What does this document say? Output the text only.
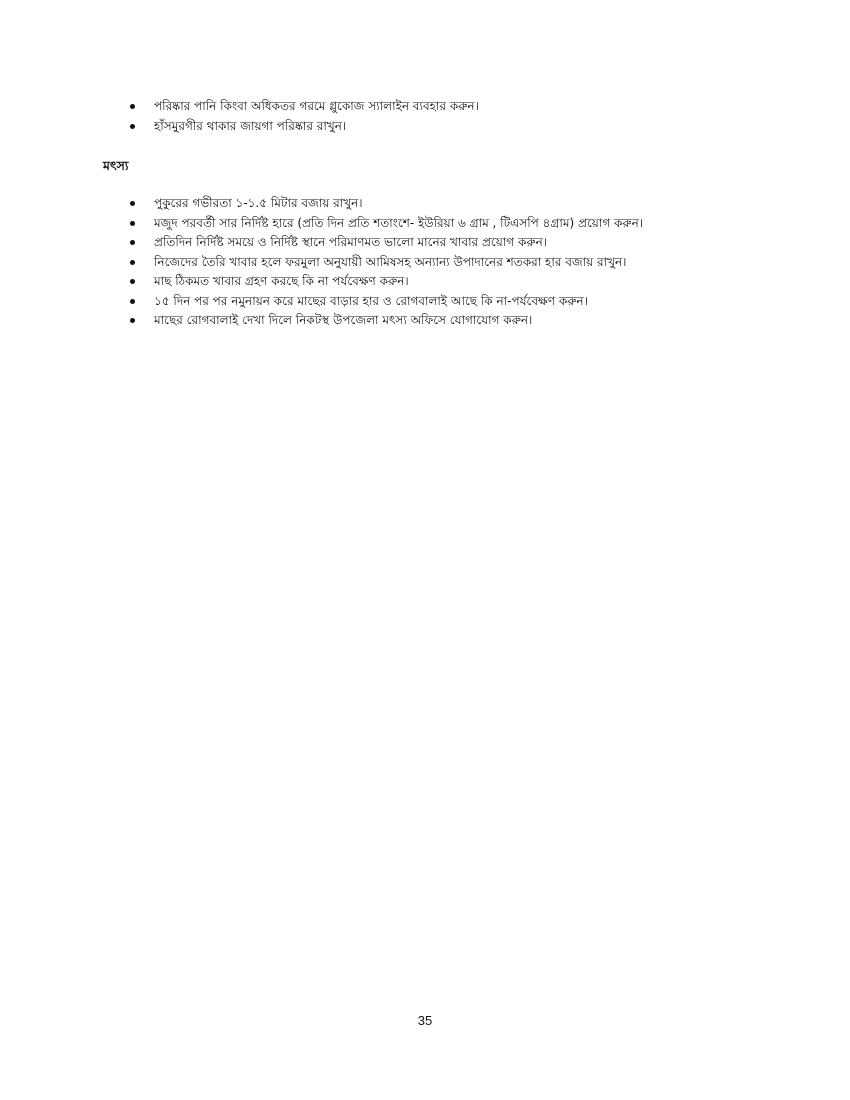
পরিষ্কার পানি কিংবা অধিকতর গরমে গ্লুকোজ স্যালাইন ব্যবহার করুন।
হাঁসমুরগীর থাকার জায়গা পরিষ্কার রাখুন।
মৎস্য
পুকুরের গভীরতা ১-১.৫ মিটার বজায় রাখুন।
মজুদ পরবর্তী সার নির্দিষ্ট হারে (প্রতি দিন প্রতি শতাংশে- ইউরিয়া ৬ গ্রাম , টিএসপি ৪গ্রাম) প্রয়োগ করুন।
প্রতিদিন নির্দিষ্ট সময়ে ও নির্দিষ্ট স্থানে পরিমাণমত ভালো মানের খাবার প্রয়োগ করুন।
নিজেদের তৈরি খাবার হলে ফরমুলা অনুযায়ী আমিষসহ অন্যান্য উপাদানের শতকরা হার বজায় রাখুন।
মাছ ঠিকমত খাবার গ্রহণ করছে কি না পর্যবেক্ষণ করুন।
১৫ দিন পর পর নমুনায়ন করে মাছের বাড়ার হার ও রোগবালাই আছে কি না-পর্যবেক্ষণ করুন।
মাছের রোগবালাই দেখা দিলে নিকটস্থ উপজেলা মৎস্য অফিসে যোগাযোগ করুন।
35
